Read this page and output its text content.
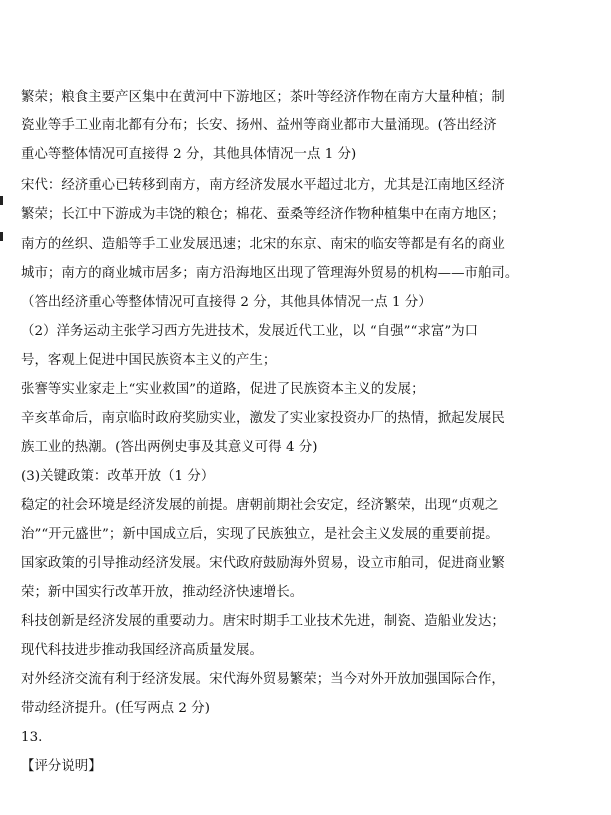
繁荣；粮食主要产区集中在黄河中下游地区；茶叶等经济作物在南方大量种植；制
瓷业等手工业南北都有分布；长安、扬州、益州等商业都市大量涌现。(答出经济
重心等整体情况可直接得 2 分，其他具体情况一点 1 分)
宋代：经济重心已转移到南方，南方经济发展水平超过北方，尤其是江南地区经济
繁荣；长江中下游成为丰饶的粮仓；棉花、蚕桑等经济作物种植集中在南方地区；
南方的丝织、造船等手工业发展迅速；北宋的东京、南宋的临安等都是有名的商业
城市；南方的商业城市居多；南方沿海地区出现了管理海外贸易的机构——市舶司。
（答出经济重心等整体情况可直接得 2 分，其他具体情况一点 1 分）
（2）洋务运动主张学习西方先进技术，发展近代工业，以 “自强”“求富”为口
号，客观上促进中国民族资本主义的产生；
张謇等实业家走上“实业救国”的道路，促进了民族资本主义的发展；
辛亥革命后，南京临时政府奖励实业，激发了实业家投资办厂的热情，掀起发展民
族工业的热潮。(答出两例史事及其意义可得 4 分)
(3)关键政策：改革开放（1 分）
稳定的社会环境是经济发展的前提。唐朝前期社会安定，经济繁荣，出现“贞观之
治”“开元盛世”；新中国成立后，实现了民族独立，是社会主义发展的重要前提。
国家政策的引导推动经济发展。宋代政府鼓励海外贸易，设立市舶司，促进商业繁
荣；新中国实行改革开放，推动经济快速增长。
科技创新是经济发展的重要动力。唐宋时期手工业技术先进，制瓷、造船业发达；
现代科技进步推动我国经济高质量发展。
对外经济交流有利于经济发展。宋代海外贸易繁荣；当今对外开放加强国际合作，
带动经济提升。(任写两点 2 分)
13.
【评分说明】
